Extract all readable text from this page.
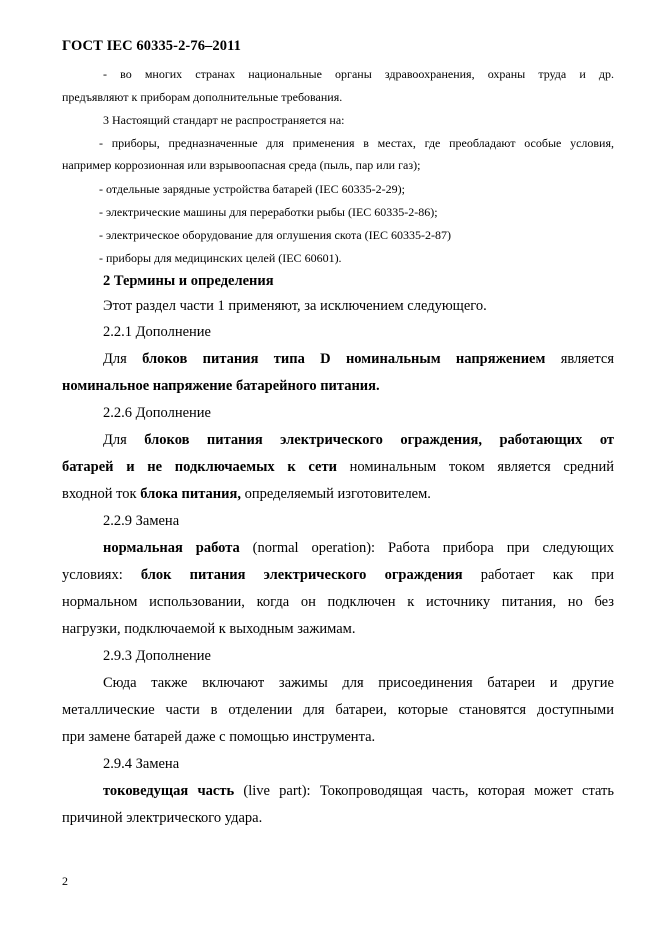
ГОСТ IEC 60335-2-76–2011
- во многих странах национальные органы здравоохранения, охраны труда и др.
предъявляют к приборам дополнительные требования.
3 Настоящий стандарт не распространяется на:
- приборы, предназначенные для применения в местах, где преобладают особые условия,
например коррозионная или взрывоопасная среда (пыль, пар или газ);
- отдельные зарядные устройства батарей (IEC 60335-2-29);
- электрические машины для переработки рыбы (IEC 60335-2-86);
- электрическое оборудование для оглушения скота (IEC 60335-2-87)
- приборы для медицинских целей (IEC 60601).
2 Термины и определения
Этот раздел части 1 применяют, за исключением следующего.
2.2.1 Дополнение
Для блоков питания типа D номинальным напряжением является
номинальное напряжение батарейного питания.
2.2.6 Дополнение
Для блоков питания электрического ограждения, работающих от
батарей и не подключаемых к сети номинальным током является средний
входной ток блока питания, определяемый изготовителем.
2.2.9 Замена
нормальная работа (normal operation): Работа прибора при следующих
условиях: блок питания электрического ограждения работает как при
нормальном использовании, когда он подключен к источнику питания, но без
нагрузки, подключаемой к выходным зажимам.
2.9.3 Дополнение
Сюда также включают зажимы для присоединения батареи и другие
металлические части в отделении для батареи, которые становятся доступными
при замене батарей даже с помощью инструмента.
2.9.4 Замена
токоведущая часть (live part): Токопроводящая часть, которая может стать
причиной электрического удара.
2
